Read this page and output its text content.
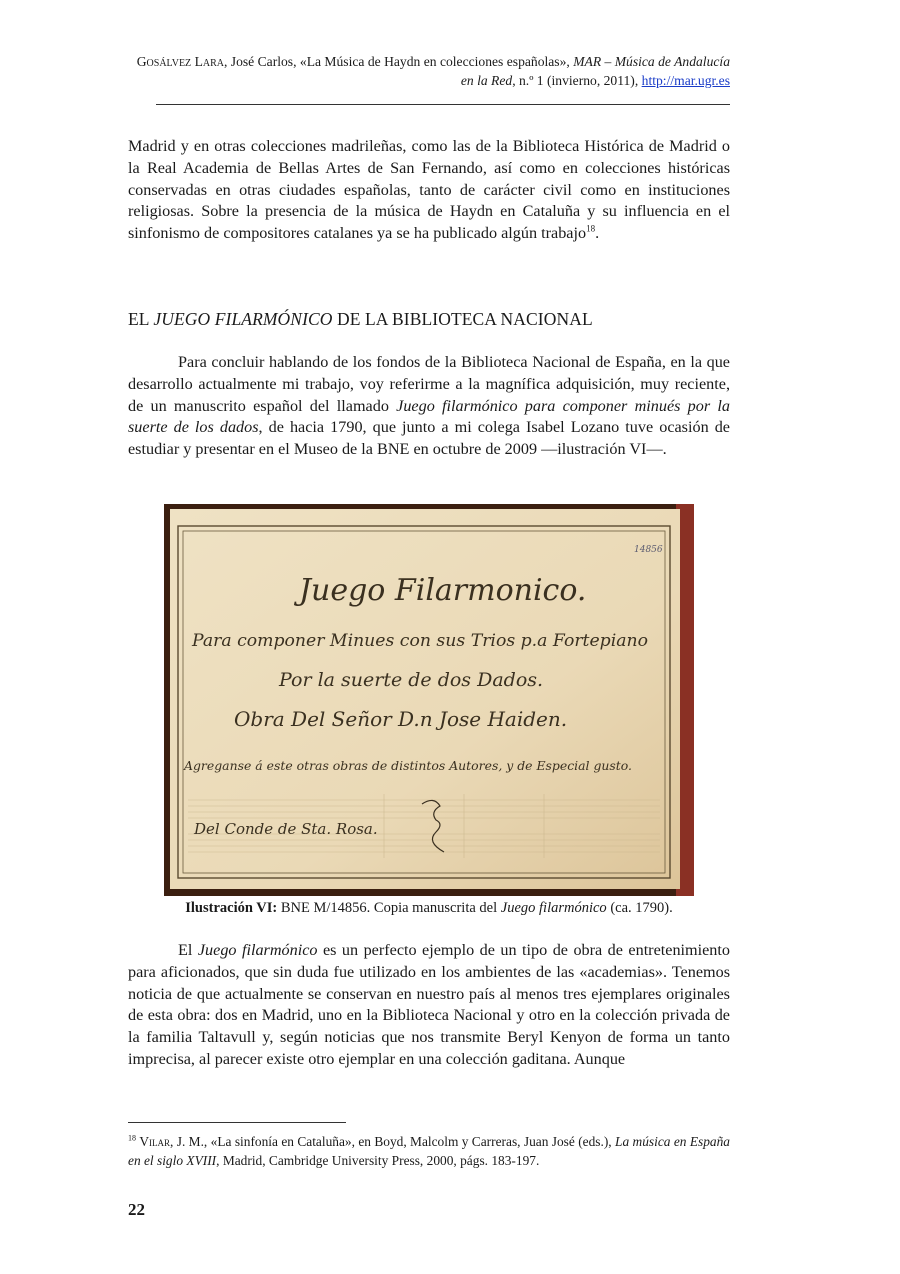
Gosálvez Lara, José Carlos, «La Música de Haydn en colecciones españolas», MAR – Música de Andalucía en la Red, n.º 1 (invierno, 2011), http://mar.ugr.es

Madrid y en otras colecciones madrileñas, como las de la Biblioteca Histórica de Madrid o la Real Academia de Bellas Artes de San Fernando, así como en colecciones históricas conservadas en otras ciudades españolas, tanto de carácter civil como en instituciones religiosas. Sobre la presencia de la música de Haydn en Cataluña y su influencia en el sinfonismo de compositores catalanes ya se ha publicado algún trabajo$^{18}$.

EL JUEGO FILARMÓNICO DE LA BIBLIOTECA NACIONAL

Para concluir hablando de los fondos de la Biblioteca Nacional de España, en la que desarrollo actualmente mi trabajo, voy referirme a la magnífica adquisición, muy reciente, de un manuscrito español del llamado Juego filarmónico para componer minués por la suerte de los dados, de hacia 1790, que junto a mi colega Isabel Lozano tuve ocasión de estudiar y presentar en el Museo de la BNE en octubre de 2009 —ilustración VI—.

14856
Juego Filarmonico.
Para componer Minues con sus Trios p.a Fortepiano
Por la suerte de dos Dados.
Obra Del Señor D.n Jose Haiden.
Agreganse á este otras obras de distintos Autores, y de Especial gusto.
Del Conde de Sta. Rosa.
Ilustración VI: BNE M/14856. Copia manuscrita del Juego filarmónico (ca. 1790).

El Juego filarmónico es un perfecto ejemplo de un tipo de obra de entretenimiento para aficionados, que sin duda fue utilizado en los ambientes de las «academias». Tenemos noticia de que actualmente se conservan en nuestro país al menos tres ejemplares originales de esta obra: dos en Madrid, uno en la Biblioteca Nacional y otro en la colección privada de la familia Taltavull y, según noticias que nos transmite Beryl Kenyon de forma un tanto imprecisa, al parecer existe otro ejemplar en una colección gaditana. Aunque

$^{18}$ Vilar, J. M., «La sinfonía en Cataluña», en Boyd, Malcolm y Carreras, Juan José (eds.), La música en España en el siglo XVIII, Madrid, Cambridge University Press, 2000, págs. 183-197.

22
